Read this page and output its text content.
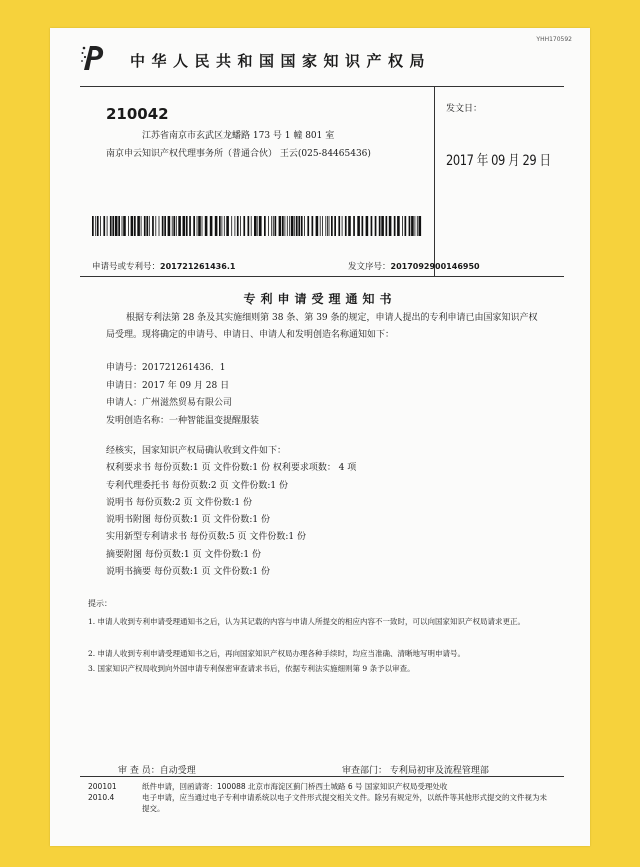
YHH170592
中华人民共和国国家知识产权局
210042
江苏省南京市玄武区龙蟠路 173 号 1 幢 801 室
南京申云知识产权代理事务所（普通合伙） 王云(025-84465436)
发文日：
2017 年 09 月 29 日
申请号或专利号：201721261436.1	发文序号：2017092900146950
专利申请受理通知书
根据专利法第 28 条及其实施细则第 38 条、第 39 条的规定，申请人提出的专利申请已由国家知识产权局受理。现将确定的申请号、申请日、申请人和发明创造名称通知如下：
申请号：201721261436．1
申请日：2017 年 09 月 28 日
申请人：广州滋然贸易有限公司
发明创造名称：一种智能温变提醒服装
经核实，国家知识产权局确认收到文件如下：
权利要求书 每份页数:1 页 文件份数:1 份 权利要求项数： 4 项
专利代理委托书 每份页数:2 页 文件份数:1 份
说明书 每份页数:2 页 文件份数:1 份
说明书附图 每份页数:1 页 文件份数:1 份
实用新型专利请求书 每份页数:5 页 文件份数:1 份
摘要附图 每份页数:1 页 文件份数:1 份
说明书摘要 每份页数:1 页 文件份数:1 份
提示：
1. 申请人收到专利申请受理通知书之后，认为其记载的内容与申请人所提交的相应内容不一致时，可以向国家知识产权局请求更正。
2. 申请人收到专利申请受理通知书之后，再向国家知识产权局办理各种手续时，均应当准确、清晰地写明申请号。
3. 国家知识产权局收到向外国申请专利保密审查请求书后，依据专利法实施细则第 9 条予以审查。
审 查 员：自动受理	审查部门： 专利局初审及流程管理部
200101
2010.4
纸件申请，回函请寄：100088 北京市海淀区蓟门桥西土城路 6 号 国家知识产权局受理处收
电子申请，应当通过电子专利申请系统以电子文件形式提交相关文件。除另有规定外，以纸件等其他形式提交的文件视为未提交。
